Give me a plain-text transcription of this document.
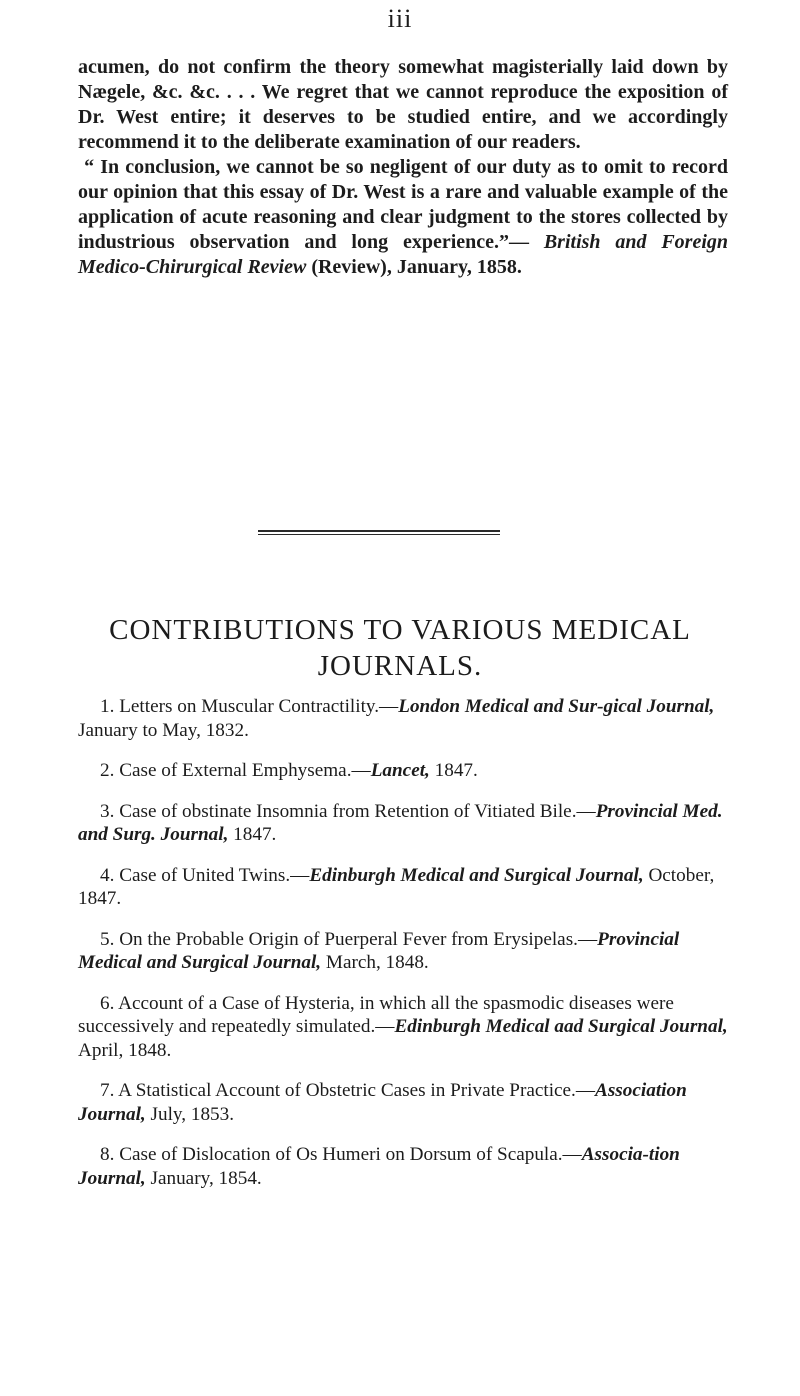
iii

acumen, do not confirm the theory somewhat magisterially laid down by Nægele, &c. &c. . . . We regret that we cannot reproduce the exposition of Dr. West entire; it deserves to be studied entire, and we accordingly recommend it to the deliberate examination of our readers.

“ In conclusion, we cannot be so negligent of our duty as to omit to record our opinion that this essay of Dr. West is a rare and valuable example of the application of acute reasoning and clear judgment to the stores collected by industrious observation and long experience.”— British and Foreign Medico-Chirurgical Review (Review), January, 1858.

CONTRIBUTIONS TO VARIOUS MEDICAL
JOURNALS.

1. Letters on Muscular Contractility.—London Medical and Sur-gical Journal, January to May, 1832.

2. Case of External Emphysema.—Lancet, 1847.

3. Case of obstinate Insomnia from Retention of Vitiated Bile.—Provincial Med. and Surg. Journal, 1847.

4. Case of United Twins.—Edinburgh Medical and Surgical Journal, October, 1847.

5. On the Probable Origin of Puerperal Fever from Erysipelas.—Provincial Medical and Surgical Journal, March, 1848.

6. Account of a Case of Hysteria, in which all the spasmodic diseases were successively and repeatedly simulated.—Edinburgh Medical aad Surgical Journal, April, 1848.

7. A Statistical Account of Obstetric Cases in Private Practice.—Association Journal, July, 1853.

8. Case of Dislocation of Os Humeri on Dorsum of Scapula.—Associa-tion Journal, January, 1854.
